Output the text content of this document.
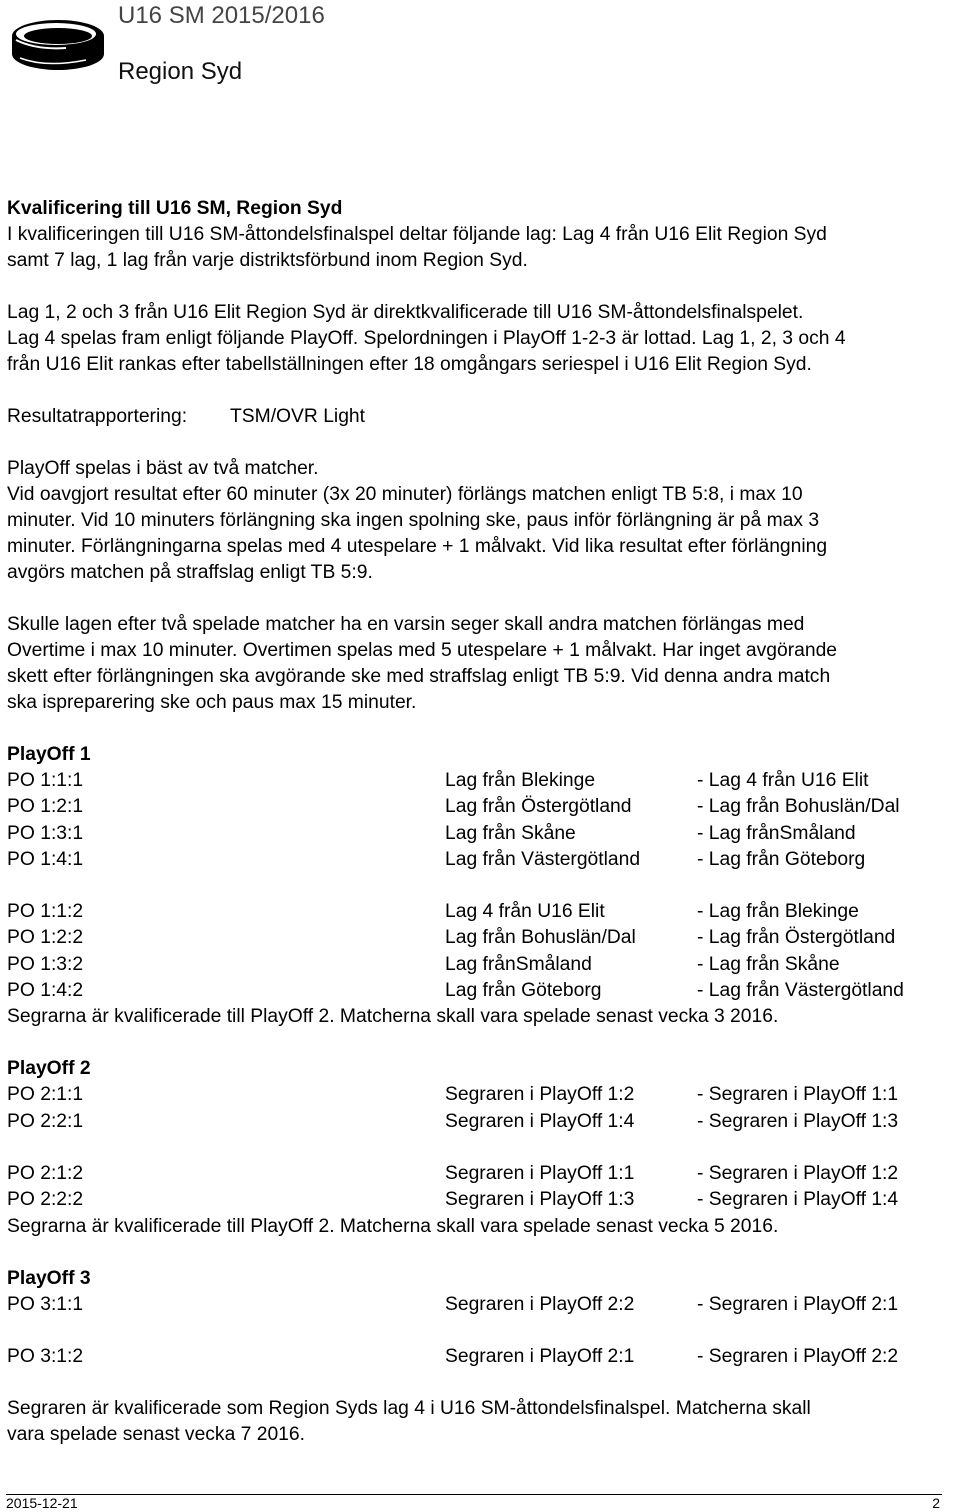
U16 SM 2015/2016
Region Syd

Kvalificering till U16 SM, Region Syd

I kvalificeringen till U16 SM-åttondelsfinalspel deltar följande lag: Lag 4 från U16 Elit Region Syd

samt 7 lag, 1 lag från varje distriktsförbund inom Region Syd.

Lag 1, 2 och 3 från U16 Elit Region Syd är direktkvalificerade till U16 SM-åttondelsfinalspelet.

Lag 4 spelas fram enligt följande PlayOff. Spelordningen i PlayOff 1-2-3 är lottad. Lag 1, 2, 3 och 4

från U16 Elit rankas efter tabellställningen efter 18 omgångars seriespel i U16 Elit Region Syd.

Resultatrapportering:	TSM/OVR Light

PlayOff spelas i bäst av två matcher.

Vid oavgjort resultat efter 60 minuter (3x 20 minuter) förlängs matchen enligt TB 5:8, i max 10

minuter. Vid 10 minuters förlängning ska ingen spolning ske, paus inför förlängning är på max 3

minuter. Förlängningarna spelas med 4 utespelare + 1 målvakt. Vid lika resultat efter förlängning

avgörs matchen på straffslag enligt TB 5:9.

Skulle lagen efter två spelade matcher ha en varsin seger skall andra matchen förlängas med

Overtime i max 10 minuter. Overtimen spelas med 5 utespelare + 1 målvakt. Har inget avgörande

skett efter förlängningen ska avgörande ske med straffslag enligt TB 5:9. Vid denna andra match

ska ispreparering ske och paus max 15 minuter.

PlayOff 1
PO 1:1:1	Lag från Blekinge	- Lag 4 från U16 Elit
PO 1:2:1	Lag från Östergötland	- Lag från Bohuslän/Dal
PO 1:3:1	Lag från Skåne	- Lag frånSmåland
PO 1:4:1	Lag från Västergötland	- Lag från Göteborg
PO 1:1:2	Lag 4 från U16 Elit	- Lag från Blekinge
PO 1:2:2	Lag från Bohuslän/Dal	- Lag från Östergötland
PO 1:3:2	Lag frånSmåland	- Lag från Skåne
PO 1:4:2	Lag från Göteborg	- Lag från Västergötland

Segrarna är kvalificerade till PlayOff 2. Matcherna skall vara spelade senast vecka 3 2016.

PlayOff 2
PO 2:1:1	Segraren i PlayOff 1:2	- Segraren i PlayOff 1:1
PO 2:2:1	Segraren i PlayOff 1:4	- Segraren i PlayOff 1:3
PO 2:1:2	Segraren i PlayOff 1:1	- Segraren i PlayOff 1:2
PO 2:2:2	Segraren i PlayOff 1:3	- Segraren i PlayOff 1:4

Segrarna är kvalificerade till PlayOff 2. Matcherna skall vara spelade senast vecka 5 2016.

PlayOff 3
PO 3:1:1	Segraren i PlayOff 2:2	- Segraren i PlayOff 2:1
PO 3:1:2	Segraren i PlayOff 2:1	- Segraren i PlayOff 2:2

Segraren är kvalificerade som Region Syds lag 4 i U16 SM-åttondelsfinalspel. Matcherna skall

vara spelade senast vecka 7 2016.

2015-12-21	2
